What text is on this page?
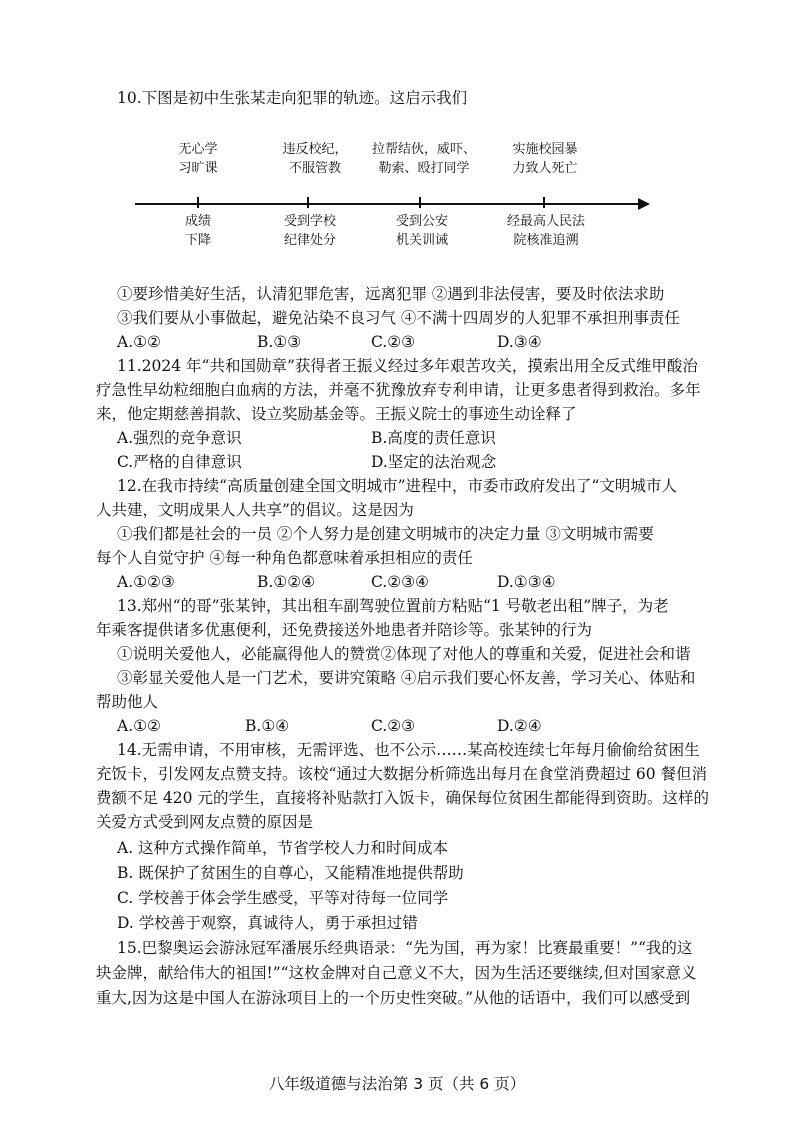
10.下图是初中生张某走向犯罪的轨迹。这启示我们
无心学
习旷课
违反校纪，
不服管教
拉帮结伙，威吓、
勒索、殴打同学
实施校园暴
力致人死亡
成绩
下降
受到学校
纪律处分
受到公安
机关训诫
经最高人民法
院核准追溯
①要珍惜美好生活，认清犯罪危害，远离犯罪 ②遇到非法侵害，要及时依法求助
③我们要从小事做起，避免沾染不良习气 ④不满十四周岁的人犯罪不承担刑事责任
A.①②	B.①③	C.②③	D.③④
11.2024 年“共和国勋章”获得者王振义经过多年艰苦攻关，摸索出用全反式维甲酸治
疗急性早幼粒细胞白血病的方法，并毫不犹豫放弃专利申请，让更多患者得到救治。多年
来，他定期慈善捐款、设立奖励基金等。王振义院士的事迹生动诠释了
A.强烈的竞争意识	B.高度的责任意识
C.严格的自律意识	D.坚定的法治观念
12.在我市持续“高质量创建全国文明城市”进程中，市委市政府发出了“文明城市人
人共建，文明成果人人共享”的倡议。这是因为
①我们都是社会的一员 ②个人努力是创建文明城市的决定力量 ③文明城市需要
每个人自觉守护 ④每一种角色都意味着承担相应的责任
A.①②③	B.①②④	C.②③④	D.①③④
13.郑州“的哥”张某钟，其出租车副驾驶位置前方粘贴“1 号敬老出租”牌子，为老
年乘客提供诸多优惠便利，还免费接送外地患者并陪诊等。张某钟的行为
①说明关爱他人，必能赢得他人的赞赏②体现了对他人的尊重和关爱，促进社会和谐
③彰显关爱他人是一门艺术，要讲究策略 ④启示我们要心怀友善，学习关心、体贴和
帮助他人
A.①②	B.①④	C.②③	D.②④
14.无需申请，不用审核，无需评选、也不公示……某高校连续七年每月偷偷给贫困生
充饭卡，引发网友点赞支持。该校“通过大数据分析筛选出每月在食堂消费超过 60 餐但消
费额不足 420 元的学生，直接将补贴款打入饭卡，确保每位贫困生都能得到资助。这样的
关爱方式受到网友点赞的原因是
A. 这种方式操作简单，节省学校人力和时间成本
B. 既保护了贫困生的自尊心，又能精准地提供帮助
C. 学校善于体会学生感受，平等对待每一位同学
D. 学校善于观察，真诚待人，勇于承担过错
15.巴黎奥运会游泳冠军潘展乐经典语录：“先为国，再为家！比赛最重要！”“我的这
块金牌，献给伟大的祖国!”“这枚金牌对自己意义不大，因为生活还要继续,但对国家意义
重大,因为这是中国人在游泳项目上的一个历史性突破。”从他的话语中，我们可以感受到
八年级道德与法治第 3 页（共 6 页）
